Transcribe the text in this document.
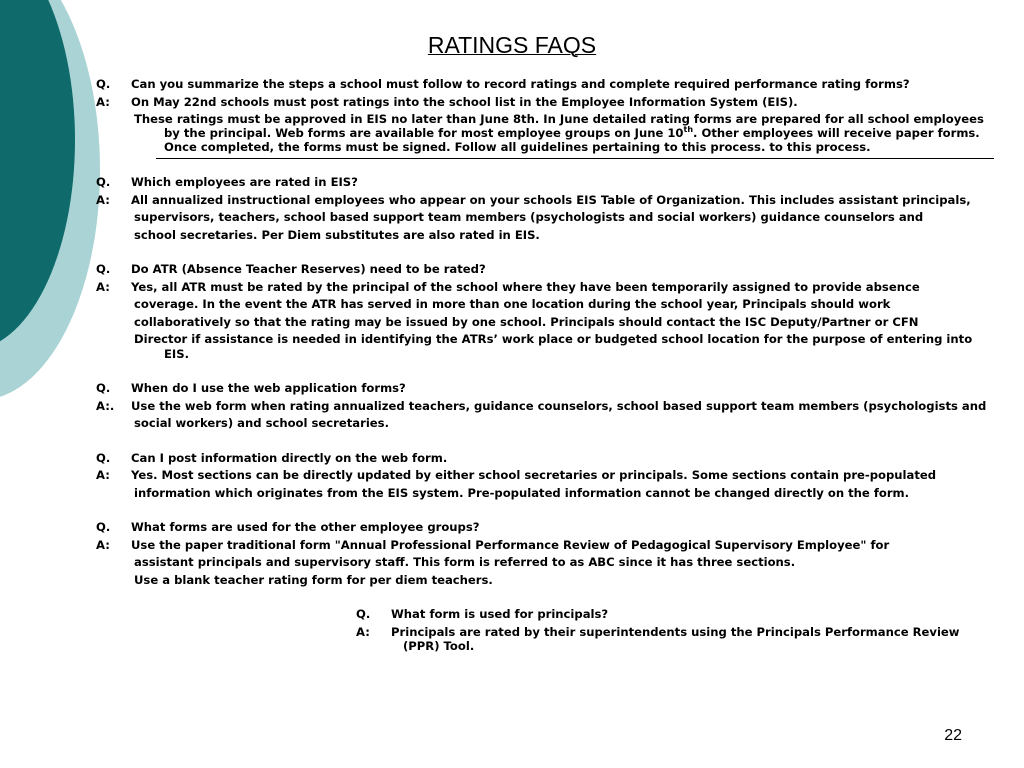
RATINGS FAQS
Q. Can you summarize the steps a school must follow to record ratings and complete required performance rating forms?
A: On May 22nd schools must post ratings into the school list in the Employee Information System (EIS).
These ratings must be approved in EIS no later than June 8th. In June detailed rating forms are prepared for all school employees by the principal. Web forms are available for most employee groups on June 10th. Other employees will receive paper forms. Once completed, the forms must be signed. Follow all guidelines pertaining to this process. to this process.
Q. Which employees are rated in EIS?
A: All annualized instructional employees who appear on your schools EIS Table of Organization. This includes assistant principals,
supervisors, teachers, school based support team members (psychologists and social workers) guidance counselors and
school secretaries. Per Diem substitutes are also rated in EIS.
Q. Do ATR (Absence Teacher Reserves) need to be rated?
A: Yes, all ATR must be rated by the principal of the school where they have been temporarily assigned to provide absence
coverage. In the event the ATR has served in more than one location during the school year, Principals should work
collaboratively so that the rating may be issued by one school. Principals should contact the ISC Deputy/Partner or CFN
Director if assistance is needed in identifying the ATRs’ work place or budgeted school location for the purpose of entering into EIS.
Q. When do I use the web application forms?
A:. Use the web form when rating annualized teachers, guidance counselors, school based support team members (psychologists and
social workers) and school secretaries.
Q. Can I post information directly on the web form.
A: Yes. Most sections can be directly updated by either school secretaries or principals. Some sections contain pre-populated
information which originates from the EIS system. Pre-populated information cannot be changed directly on the form.
Q. What forms are used for the other employee groups?
A: Use the paper traditional form "Annual Professional Performance Review of Pedagogical Supervisory Employee" for
assistant principals and supervisory staff. This form is referred to as ABC since it has three sections.
Use a blank teacher rating form for per diem teachers.
Q. What form is used for principals?
A: Principals are rated by their superintendents using the Principals Performance Review (PPR) Tool.
22
